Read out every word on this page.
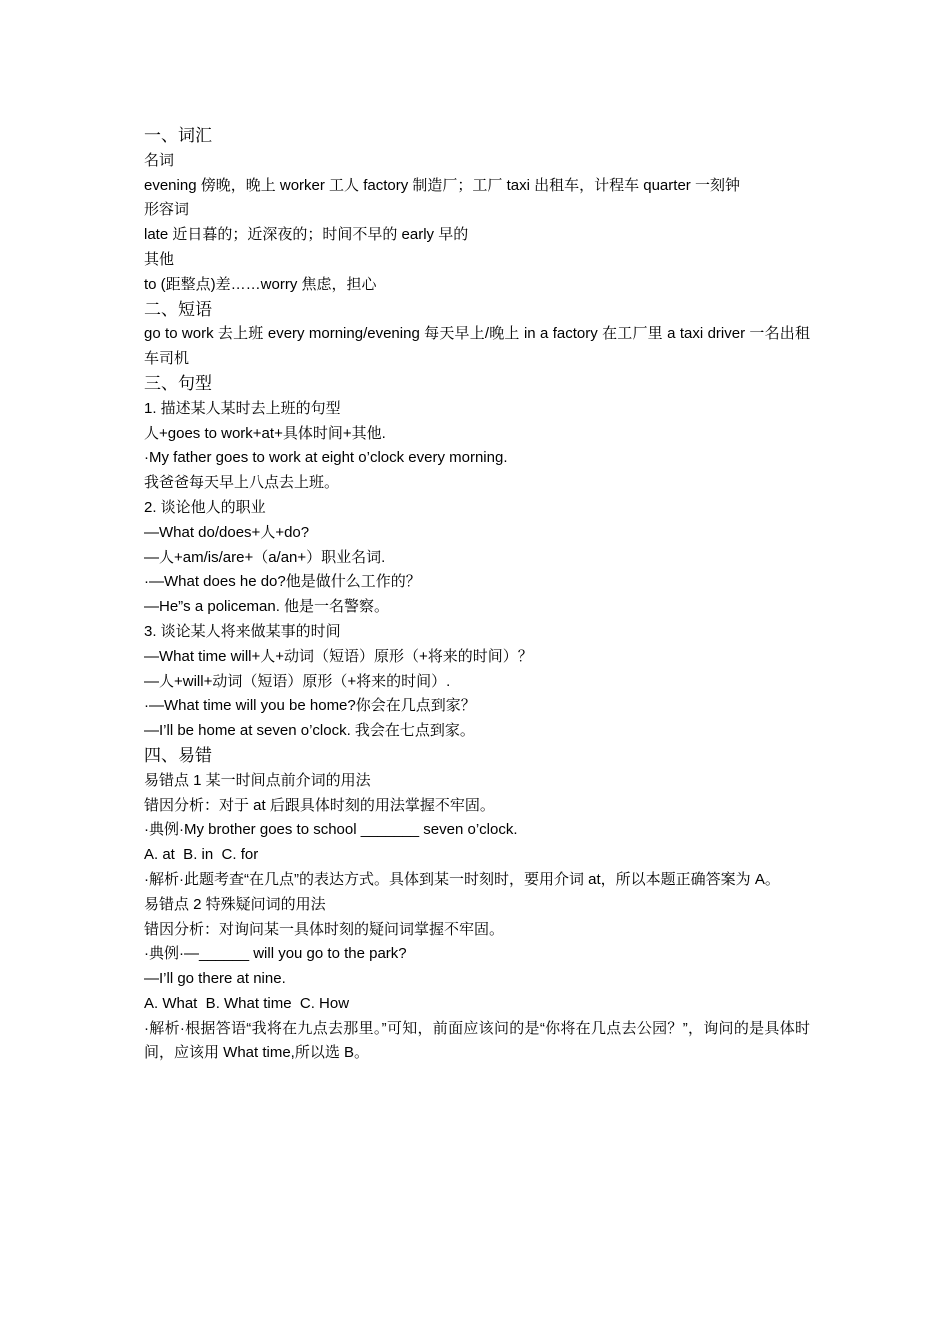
一、词汇

名词

evening 傍晚，晚上 worker 工人 factory 制造厂；工厂 taxi 出租车，计程车 quarter 一刻钟

形容词

late 近日暮的；近深夜的；时间不早的 early 早的

其他

to (距整点)差……worry 焦虑，担心

二、短语

go to work 去上班 every morning/evening 每天早上/晚上 in a factory 在工厂里 a taxi driver 一名出租车司机

三、句型

1. 描述某人某时去上班的句型

人+goes to work+at+具体时间+其他.

·My father goes to work at eight o’clock every morning.

我爸爸每天早上八点去上班。

2. 谈论他人的职业

—What do/does+人+do?

—人+am/is/are+（a/an+）职业名词.

·—What does he do?他是做什么工作的？

—He”s a policeman. 他是一名警察。

3. 谈论某人将来做某事的时间

—What time will+人+动词（短语）原形（+将来的时间）？

—人+will+动词（短语）原形（+将来的时间）.

·—What time will you be home?你会在几点到家？

—I’ll be home at seven o’clock. 我会在七点到家。

四、易错

易错点 1 某一时间点前介词的用法

错因分析：对于 at 后跟具体时刻的用法掌握不牢固。

·典例·My brother goes to school _______ seven o’clock.

A. at  B. in  C. for

·解析·此题考查“在几点”的表达方式。具体到某一时刻时，要用介词 at，所以本题正确答案为 A。

易错点 2 特殊疑问词的用法

错因分析：对询问某一具体时刻的疑问词掌握不牢固。

·典例·—______ will you go to the park?

—I’ll go there at nine.

A. What  B. What time  C. How

·解析·根据答语“我将在九点去那里。”可知，前面应该问的是“你将在几点去公园？”，询问的是具体时间，应该用 What time,所以选 B。
